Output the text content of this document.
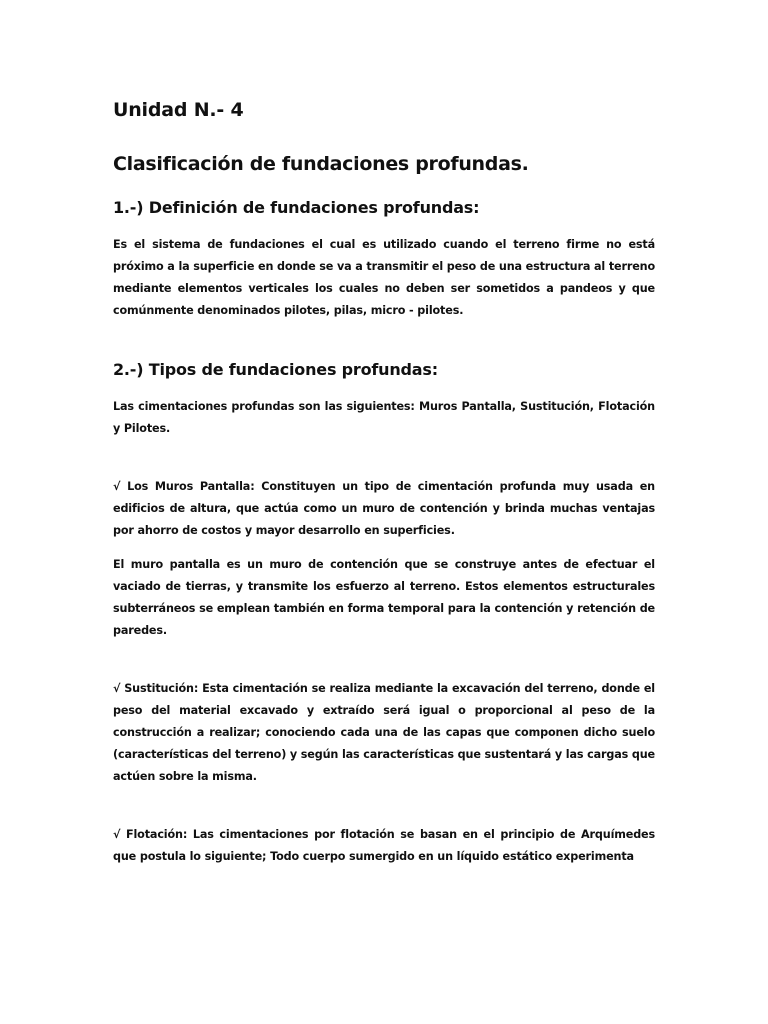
Unidad N.- 4
Clasificación de fundaciones profundas.
1.-) Definición de fundaciones profundas:

Es el sistema de fundaciones el cual es utilizado cuando el terreno firme no está próximo a la superficie en donde se va a transmitir el peso de una estructura al terreno mediante elementos verticales los cuales no deben ser sometidos a pandeos y que comúnmente denominados pilotes, pilas, micro - pilotes.

2.-) Tipos de fundaciones profundas:

Las cimentaciones profundas son las siguientes: Muros Pantalla, Sustitución, Flotación y Pilotes.

√ Los Muros Pantalla: Constituyen un tipo de cimentación profunda muy usada en edificios de altura, que actúa como un muro de contención y brinda muchas ventajas por ahorro de costos y mayor desarrollo en superficies.

El muro pantalla es un muro de contención que se construye antes de efectuar el vaciado de tierras, y transmite los esfuerzo al terreno. Estos elementos estructurales subterráneos se emplean también en forma temporal para la contención y retención de paredes.

√ Sustitución: Esta cimentación se realiza mediante la excavación del terreno, donde el peso del material excavado y extraído será igual o proporcional al peso de la construcción a realizar; conociendo cada una de las capas que componen dicho suelo (características del terreno) y según las características que sustentará y las cargas que actúen sobre la misma.

√ Flotación: Las cimentaciones por flotación se basan en el principio de Arquímedes que postula lo siguiente; Todo cuerpo sumergido en un líquido estático experimenta
